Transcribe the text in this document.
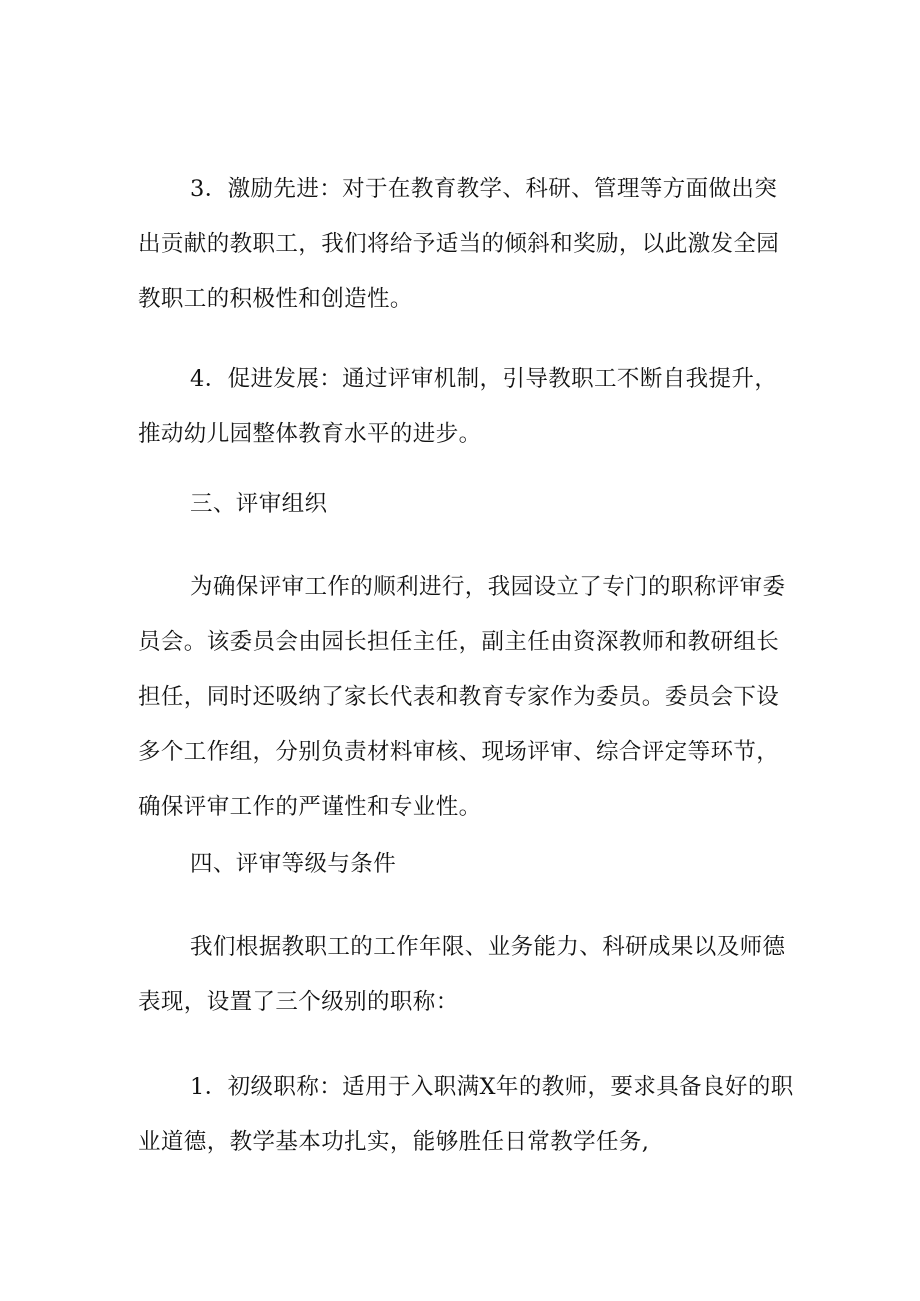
3．激励先进：对于在教育教学、科研、管理等方面做出突出贡献的教职工，我们将给予适当的倾斜和奖励，以此激发全园教职工的积极性和创造性。

4．促进发展：通过评审机制，引导教职工不断自我提升，推动幼儿园整体教育水平的进步。

三、评审组织

为确保评审工作的顺利进行，我园设立了专门的职称评审委员会。该委员会由园长担任主任，副主任由资深教师和教研组长担任，同时还吸纳了家长代表和教育专家作为委员。委员会下设多个工作组，分别负责材料审核、现场评审、综合评定等环节，确保评审工作的严谨性和专业性。

四、评审等级与条件

我们根据教职工的工作年限、业务能力、科研成果以及师德表现，设置了三个级别的职称：

1．初级职称：适用于入职满X年的教师，要求具备良好的职业道德，教学基本功扎实，能够胜任日常教学任务,
